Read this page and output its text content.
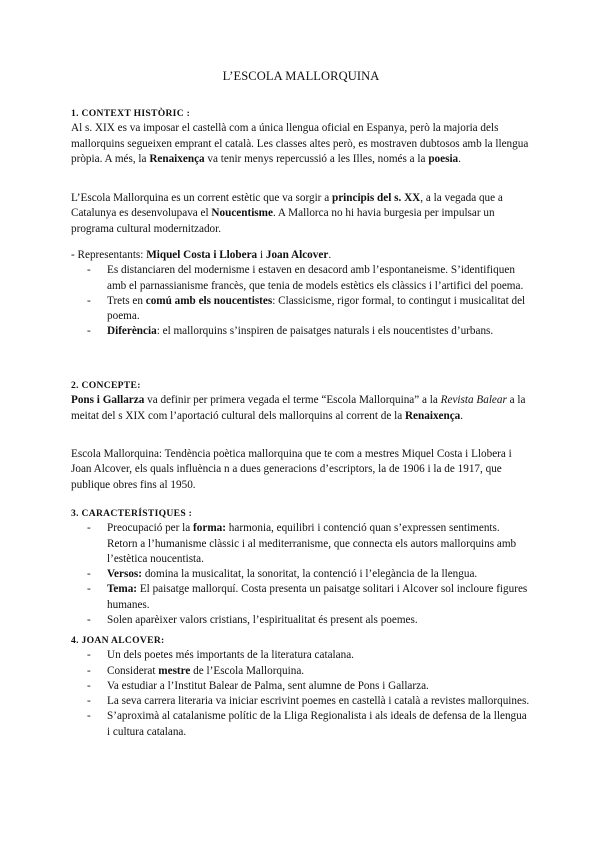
L’ESCOLA MALLORQUINA
1. CONTEXT HISTÒRIC :

Al s. XIX es va imposar el castellà com a única llengua oficial en Espanya, però la majoria dels mallorquins segueixen emprant el català. Les classes altes però, es mostraven dubtosos amb la llengua pròpia. A més, la Renaixença va tenir menys repercussió a les Illes, només a la poesia.

L’Escola Mallorquina es un corrent estètic que va sorgir a principis del s. XX, a la vegada que a Catalunya es desenvolupava el Noucentisme. A Mallorca no hi havia burgesia per impulsar un programa cultural modernitzador.

- Representants: Miquel Costa i Llobera i Joan Alcover.

- Es distanciaren del modernisme i estaven en desacord amb l’espontaneisme. S’identifiquen amb el parnassianisme francès, que tenia de models estètics els clàssics i l’artifici del poema.
- Trets en comú amb els noucentistes: Classicisme, rigor formal, to contingut i musicalitat del poema.
- Diferència: el mallorquins s’inspiren de paisatges naturals i els noucentistes d’urbans.
2. CONCEPTE:

Pons i Gallarza va definir per primera vegada el terme “Escola Mallorquina” a la Revista Balear a la meitat del s XIX com l’aportació cultural dels mallorquins al corrent de la Renaixença.

Escola Mallorquina: Tendència poètica mallorquina que te com a mestres Miquel Costa i Llobera i Joan Alcover, els quals influència n a dues generacions d’escriptors, la de 1906 i la de 1917, que publique obres fins al 1950.

3. CARACTERÍSTIQUES :
- Preocupació per la forma: harmonia, equilibri i contenció quan s’expressen sentiments. Retorn a l’humanisme clàssic i al mediterranisme, que connecta els autors mallorquins amb l’estètica noucentista.
- Versos: domina la musicalitat, la sonoritat, la contenció i l’elegància de la llengua.
- Tema: El paisatge mallorquí. Costa presenta un paisatge solitari i Alcover sol incloure figures humanes.
- Solen aparèixer valors cristians, l’espiritualitat és present als poemes.
4. JOAN ALCOVER:
- Un dels poetes més importants de la literatura catalana.
- Considerat mestre de l’Escola Mallorquina.
- Va estudiar a l’Institut Balear de Palma, sent alumne de Pons i Gallarza.
- La seva carrera literaria va iniciar escrivint poemes en castellà i català a revistes mallorquines.
- S’aproximà al catalanisme polític de la Lliga Regionalista i als ideals de defensa de la llengua i cultura catalana.
